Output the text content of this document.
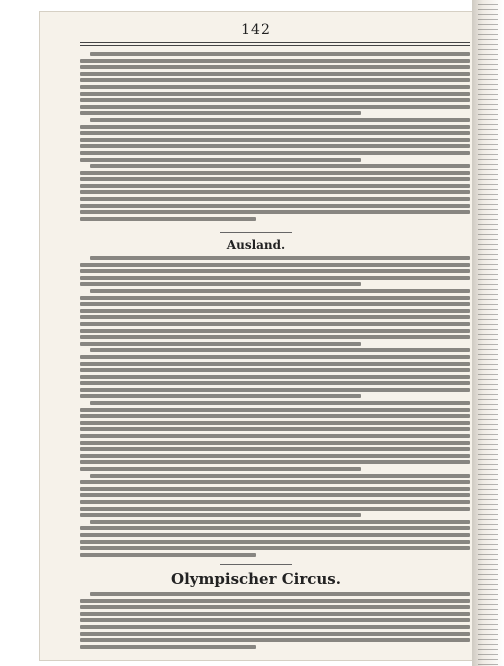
142
Ausland.
Olympischer Circus.
